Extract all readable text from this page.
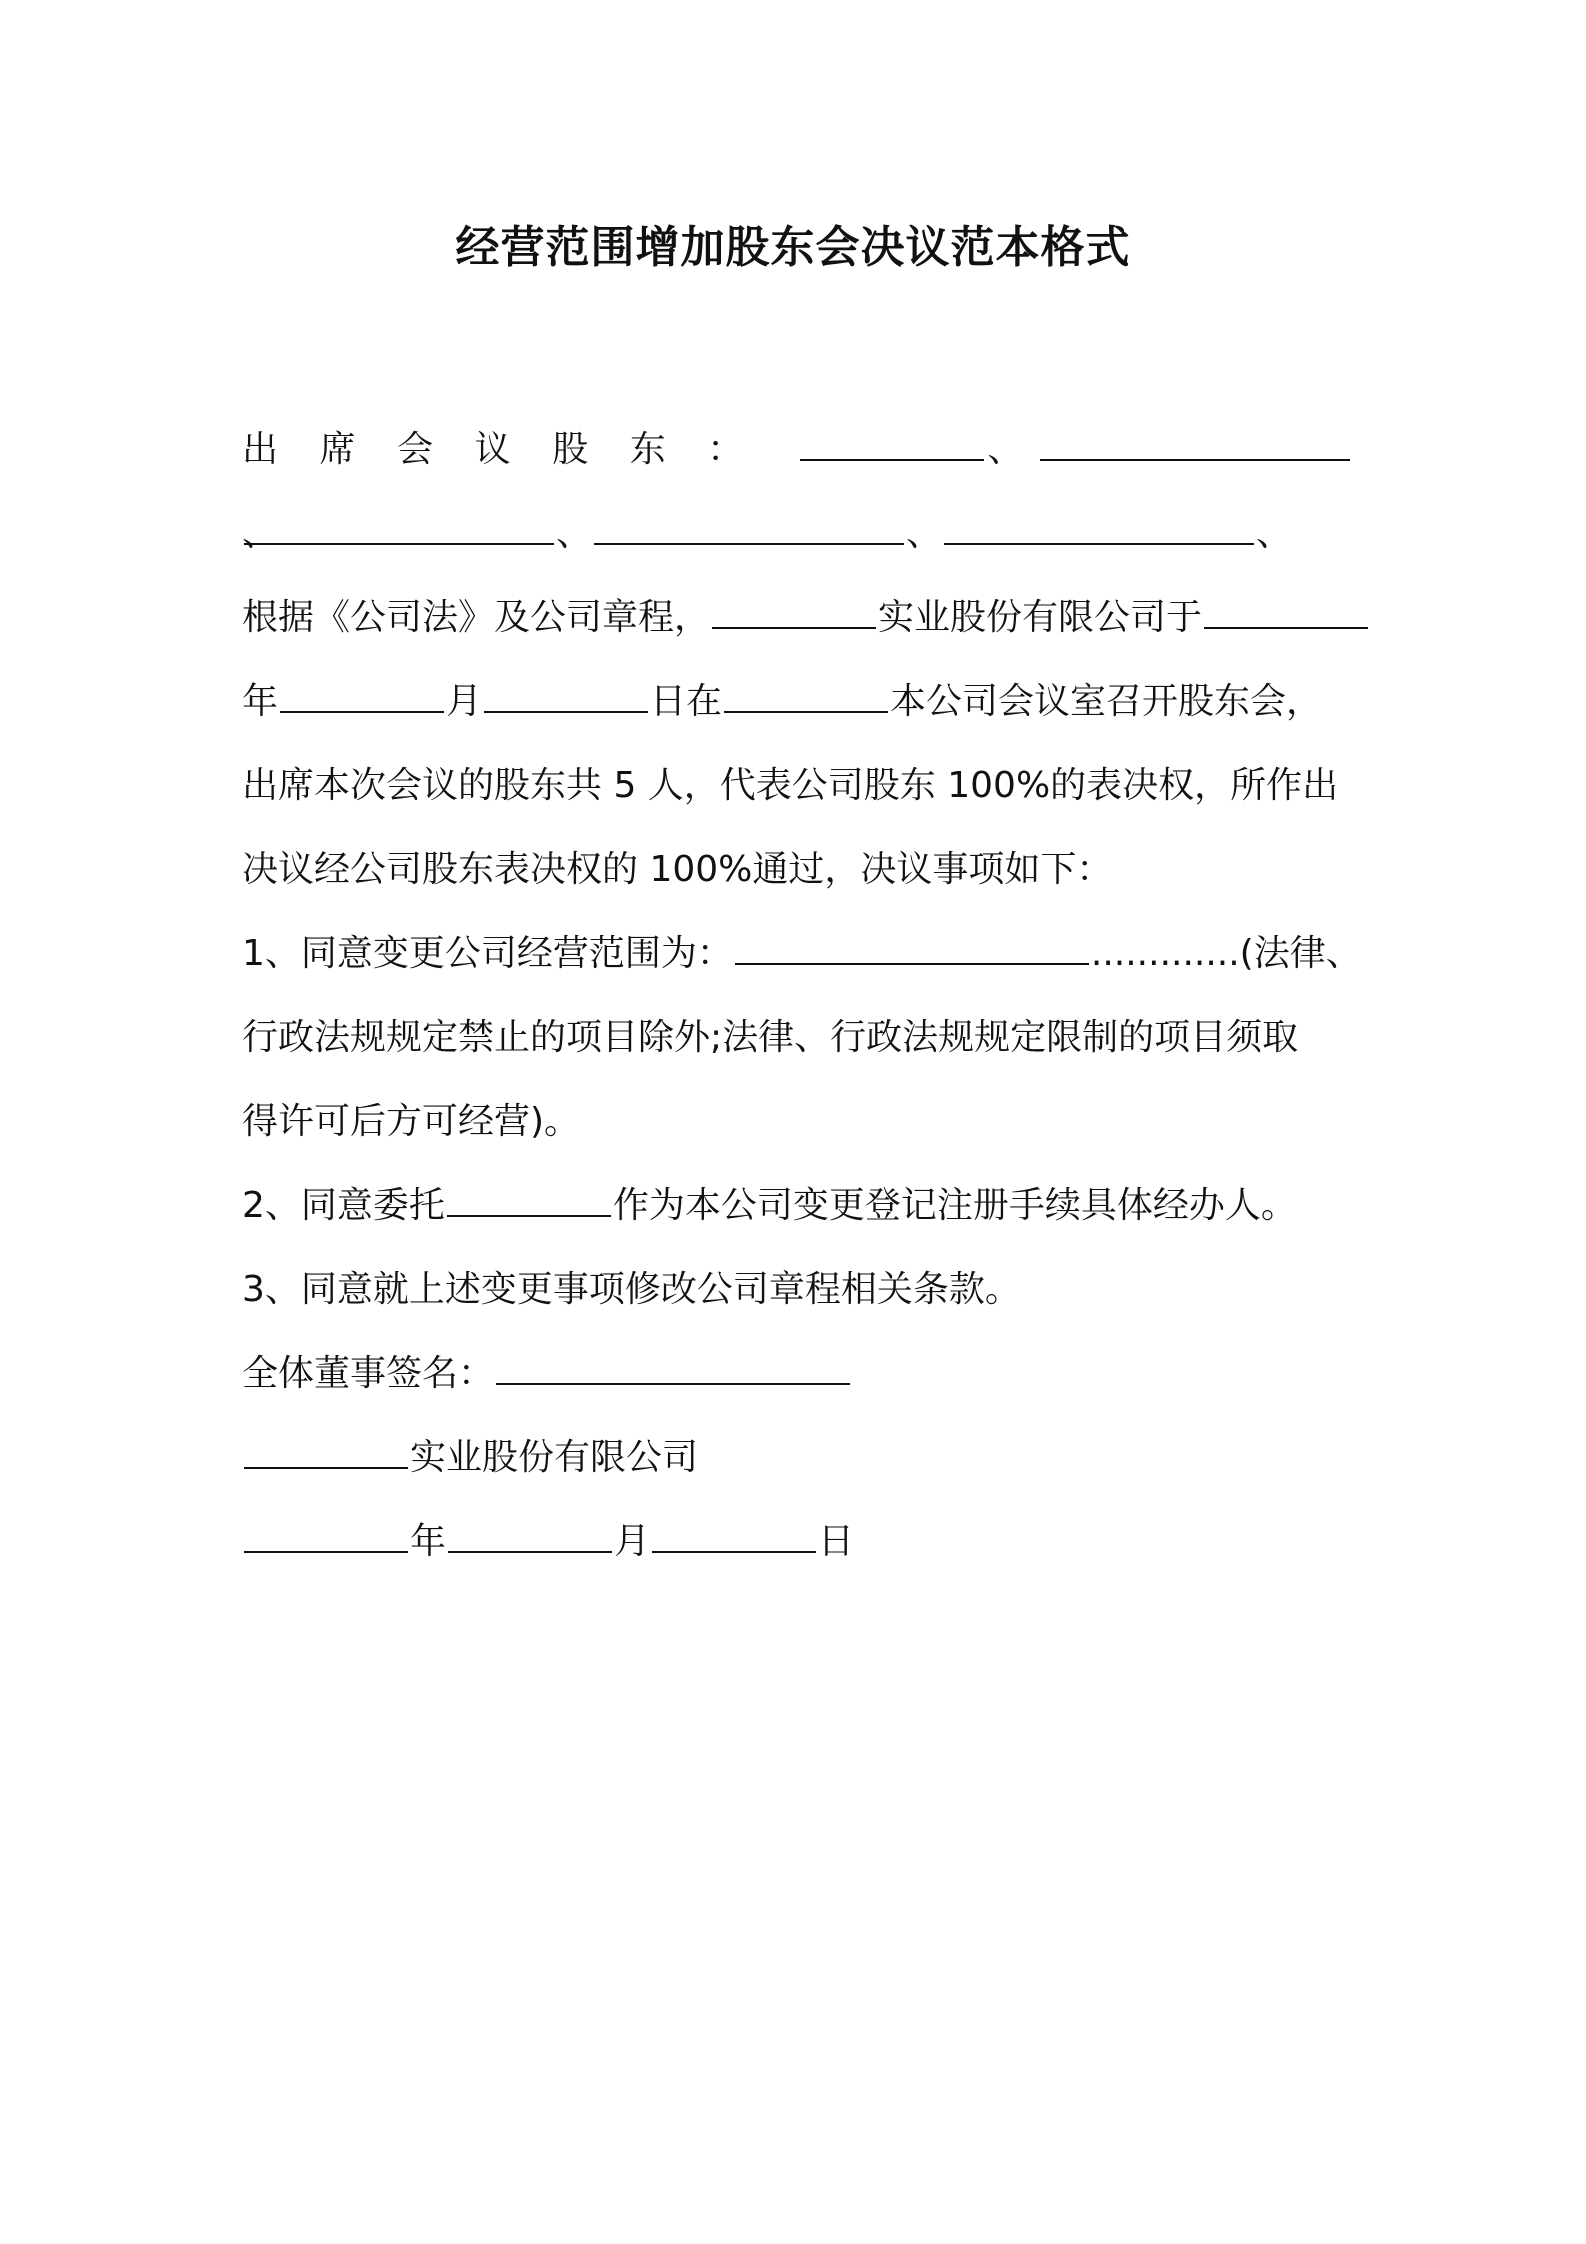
经营范围增加股东会决议范本格式
出席会议股东：	、 、	、	、	、
根据《公司法》及公司章程，	实业股份有限公司于
年	月	日在	本公司会议室召开股东会，
出席本次会议的股东共 5 人，代表公司股东 100%的表决权，所作出
决议经公司股东表决权的 100%通过，决议事项如下：
1、同意变更公司经营范围为：	.............(法律、
行政法规规定禁止的项目除外;法律、行政法规规定限制的项目须取
得许可后方可经营)。
2、同意委托	作为本公司变更登记注册手续具体经办人。
3、同意就上述变更事项修改公司章程相关条款。
全体董事签名：
实业股份有限公司
年	月	日
